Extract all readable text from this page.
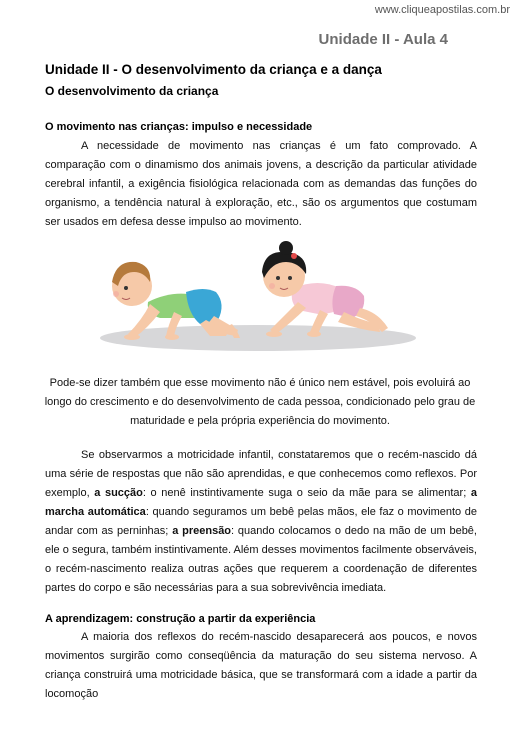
www.cliqueapostilas.com.br
Unidade II - Aula 4
Unidade II - O desenvolvimento da criança e a dança
O desenvolvimento da criança
O movimento nas crianças: impulso e necessidade
A necessidade de movimento nas crianças é um fato comprovado. A comparação com o dinamismo dos animais jovens, a descrição da particular atividade cerebral infantil, a exigência fisiológica relacionada com as demandas das funções do organismo, a tendência natural à exploração, etc., são os argumentos que costumam ser usados em defesa desse impulso ao movimento.
Pode-se dizer também que esse movimento não é único nem estável, pois evoluirá ao longo do crescimento e do desenvolvimento de cada pessoa, condicionado pelo grau de maturidade e pela própria experiência do movimento.
Se observarmos a motricidade infantil, constataremos que o recém-nascido dá uma série de respostas que não são aprendidas, e que conhecemos como reflexos. Por exemplo, a sucção: o nenê instintivamente suga o seio da mãe para se alimentar; a marcha automática: quando seguramos um bebê pelas mãos, ele faz o movimento de andar com as perninhas; a preensão: quando colocamos o dedo na mão de um bebê, ele o segura, também instintivamente. Além desses movimentos facilmente observáveis, o recém-nascimento realiza outras ações que requerem a coordenação de diferentes partes do corpo e são necessárias para a sua sobrevivência imediata.
A aprendizagem: construção a partir da experiência
A maioria dos reflexos do recém-nascido desaparecerá aos poucos, e novos movimentos surgirão como conseqüência da maturação do seu sistema nervoso. A criança construirá uma motricidade básica, que se transformará com a idade a partir da locomoção
